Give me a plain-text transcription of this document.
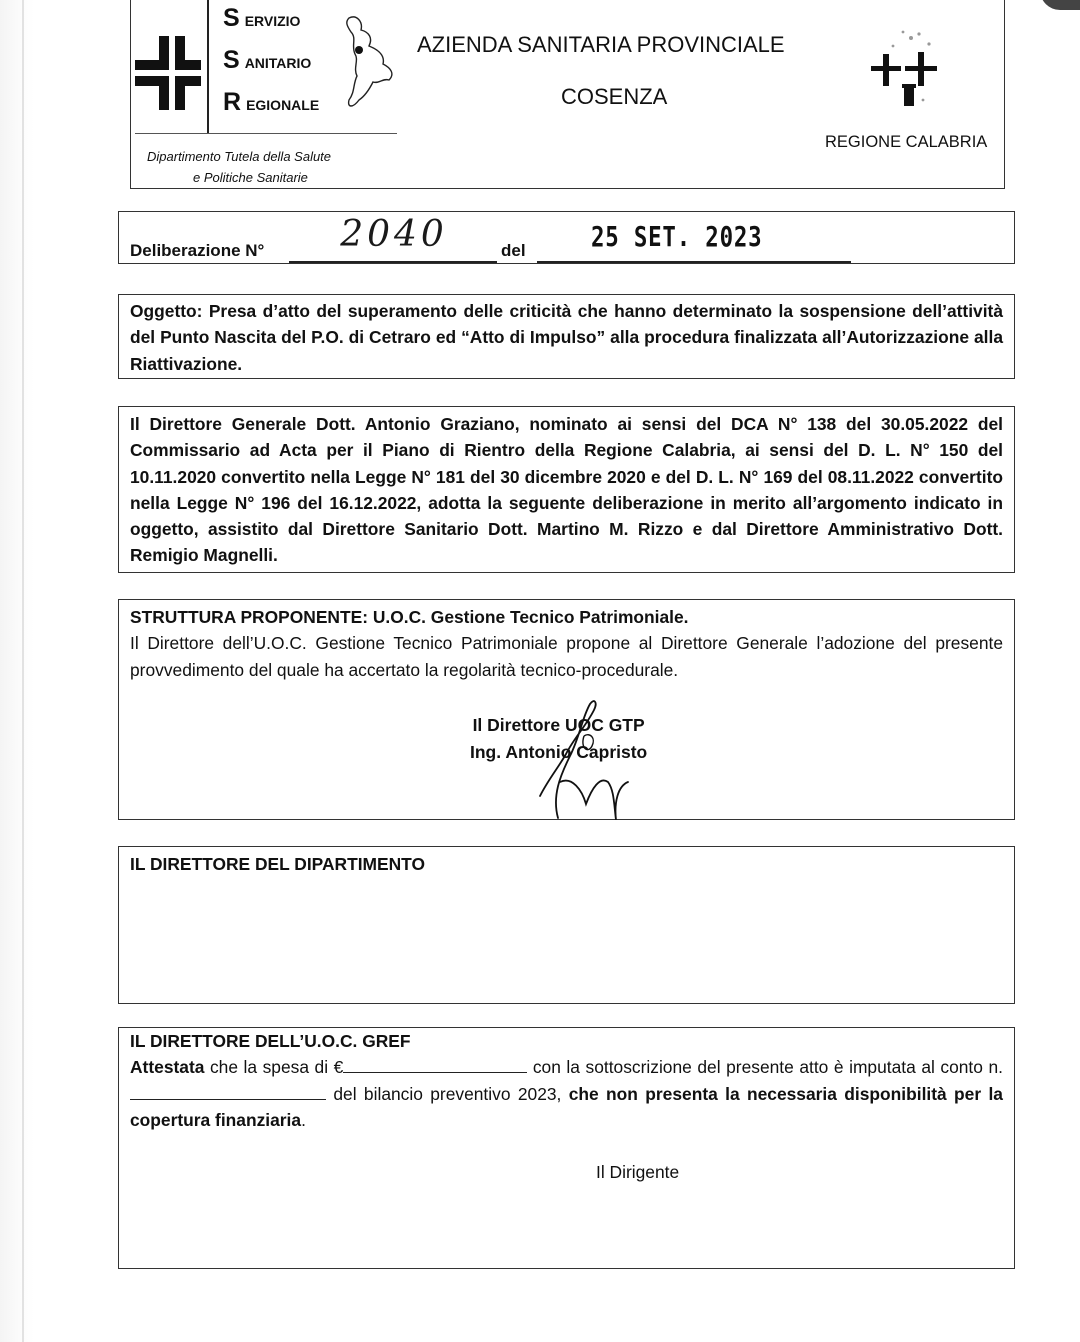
SERVIZIO
SANITARIO
REGIONALE
Dipartimento Tutela della Salute
e Politiche Sanitarie
AZIENDA SANITARIA PROVINCIALE
COSENZA
REGIONE CALABRIA
Deliberazione N°	2040	del 25 SET. 2023
Oggetto: Presa d’atto del superamento delle criticità che hanno determinato la sospensione dell’attività del Punto Nascita del P.O. di Cetraro ed “Atto di Impulso” alla procedura finalizzata all’Autorizzazione alla Riattivazione.
Il Direttore Generale Dott. Antonio Graziano, nominato ai sensi del DCA N° 138 del 30.05.2022 del Commissario ad Acta per il Piano di Rientro della Regione Calabria, ai sensi del D. L. N° 150 del 10.11.2020 convertito nella Legge N° 181 del 30 dicembre 2020 e del D. L. N° 169 del 08.11.2022 convertito nella Legge N° 196 del 16.12.2022, adotta la seguente deliberazione in merito all’argomento indicato in oggetto, assistito dal Direttore Sanitario Dott. Martino M. Rizzo e dal Direttore Amministrativo Dott. Remigio Magnelli.
STRUTTURA PROPONENTE: U.O.C. Gestione Tecnico Patrimoniale.
Il Direttore dell’U.O.C. Gestione Tecnico Patrimoniale propone al Direttore Generale l’adozione del presente provvedimento del quale ha accertato la regolarità tecnico-procedurale.
Il Direttore UOC GTP
Ing. Antonio Capristo
IL DIRETTORE DEL DIPARTIMENTO
IL DIRETTORE DELL’U.O.C. GREF
Attestata che la spesa di €	con la sottoscrizione del presente atto è imputata al conto n. del bilancio preventivo 2023, che non presenta la necessaria disponibilità per la copertura finanziaria.
Il Dirigente
